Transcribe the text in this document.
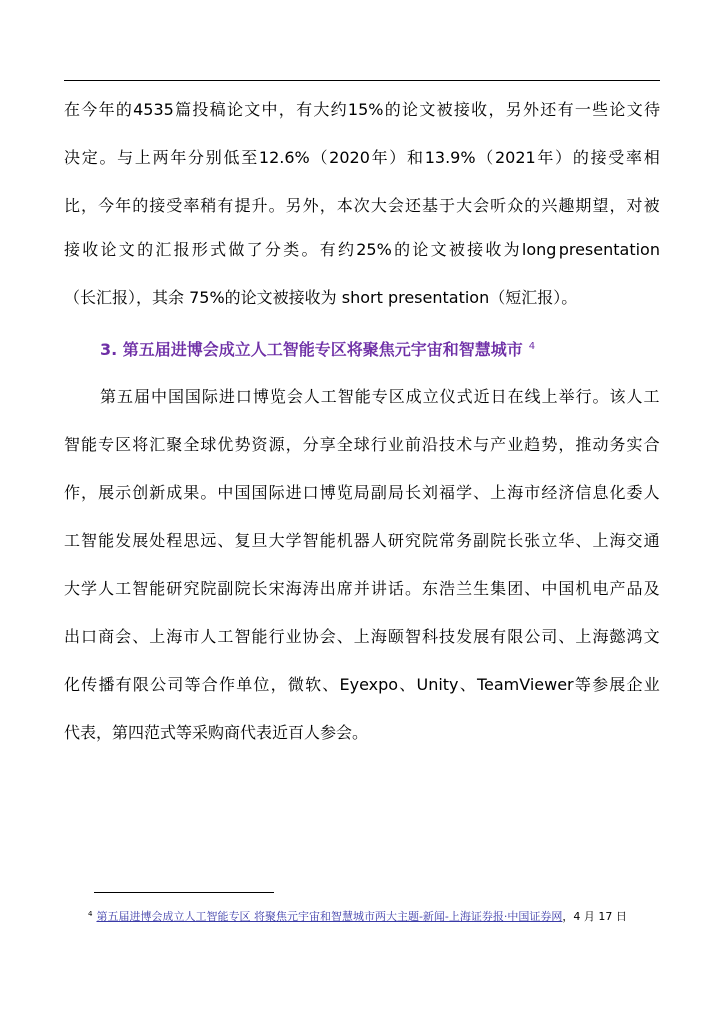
在 今 年 的 4535 篇 投 稿 论 文 中 ， 有 大 约 15% 的 论 文 被 接 收 ， 另 外 还 有 一 些 论 文 待
决 定 。 与 上 两 年 分 别 低 至 12.6% （ 2020 年 ） 和 13.9% （ 2021 年 ） 的 接 受 率 相
比 ， 今 年 的 接 受 率 稍 有 提 升 。 另 外 ， 本 次 大 会 还 基 于 大 会 听 众 的 兴 趣 期 望 ， 对 被
接 收 论 文 的 汇 报 形 式 做 了 分 类 。 有 约 25% 的 论 文 被 接 收 为 long presentation
（长汇报），其余 75%的论文被接收为 short presentation（短汇报）。
3. 第五届进博会成立人工智能专区将聚焦元宇宙和智慧城市 $^4$
第 五 届 中 国 国 际 进 口 博 览 会 人 工 智 能 专 区 成 立 仪 式 近 日 在 线 上 举 行 。 该 人 工
智 能 专 区 将 汇 聚 全 球 优 势 资 源 ， 分 享 全 球 行 业 前 沿 技 术 与 产 业 趋 势 ， 推 动 务 实 合
作 ， 展 示 创 新 成 果 。 中 国 国 际 进 口 博 览 局 副 局 长 刘 福 学 、 上 海 市 经 济 信 息 化 委 人
工 智 能 发 展 处 程 思 远 、 复 旦 大 学 智 能 机 器 人 研 究 院 常 务 副 院 长 张 立 华 、 上 海 交 通
大 学 人 工 智 能 研 究 院 副 院 长 宋 海 涛 出 席 并 讲 话 。 东 浩 兰 生 集 团 、 中 国 机 电 产 品 及
出 口 商 会 、 上 海 市 人 工 智 能 行 业 协 会 、 上 海 颐 智 科 技 发 展 有 限 公 司 、 上 海 懿 鸿 文
化 传 播 有 限 公 司 等 合 作 单 位 ， 微 软 、 Eyexpo 、 Unity 、 TeamViewer 等 参 展 企 业
代表，第四范式等采购商代表近百人参会。
$^4$ 第五届进博会成立人工智能专区 将聚焦元宇宙和智慧城市两大主题-新闻-上海证券报·中国证券网，4 月 17 日
